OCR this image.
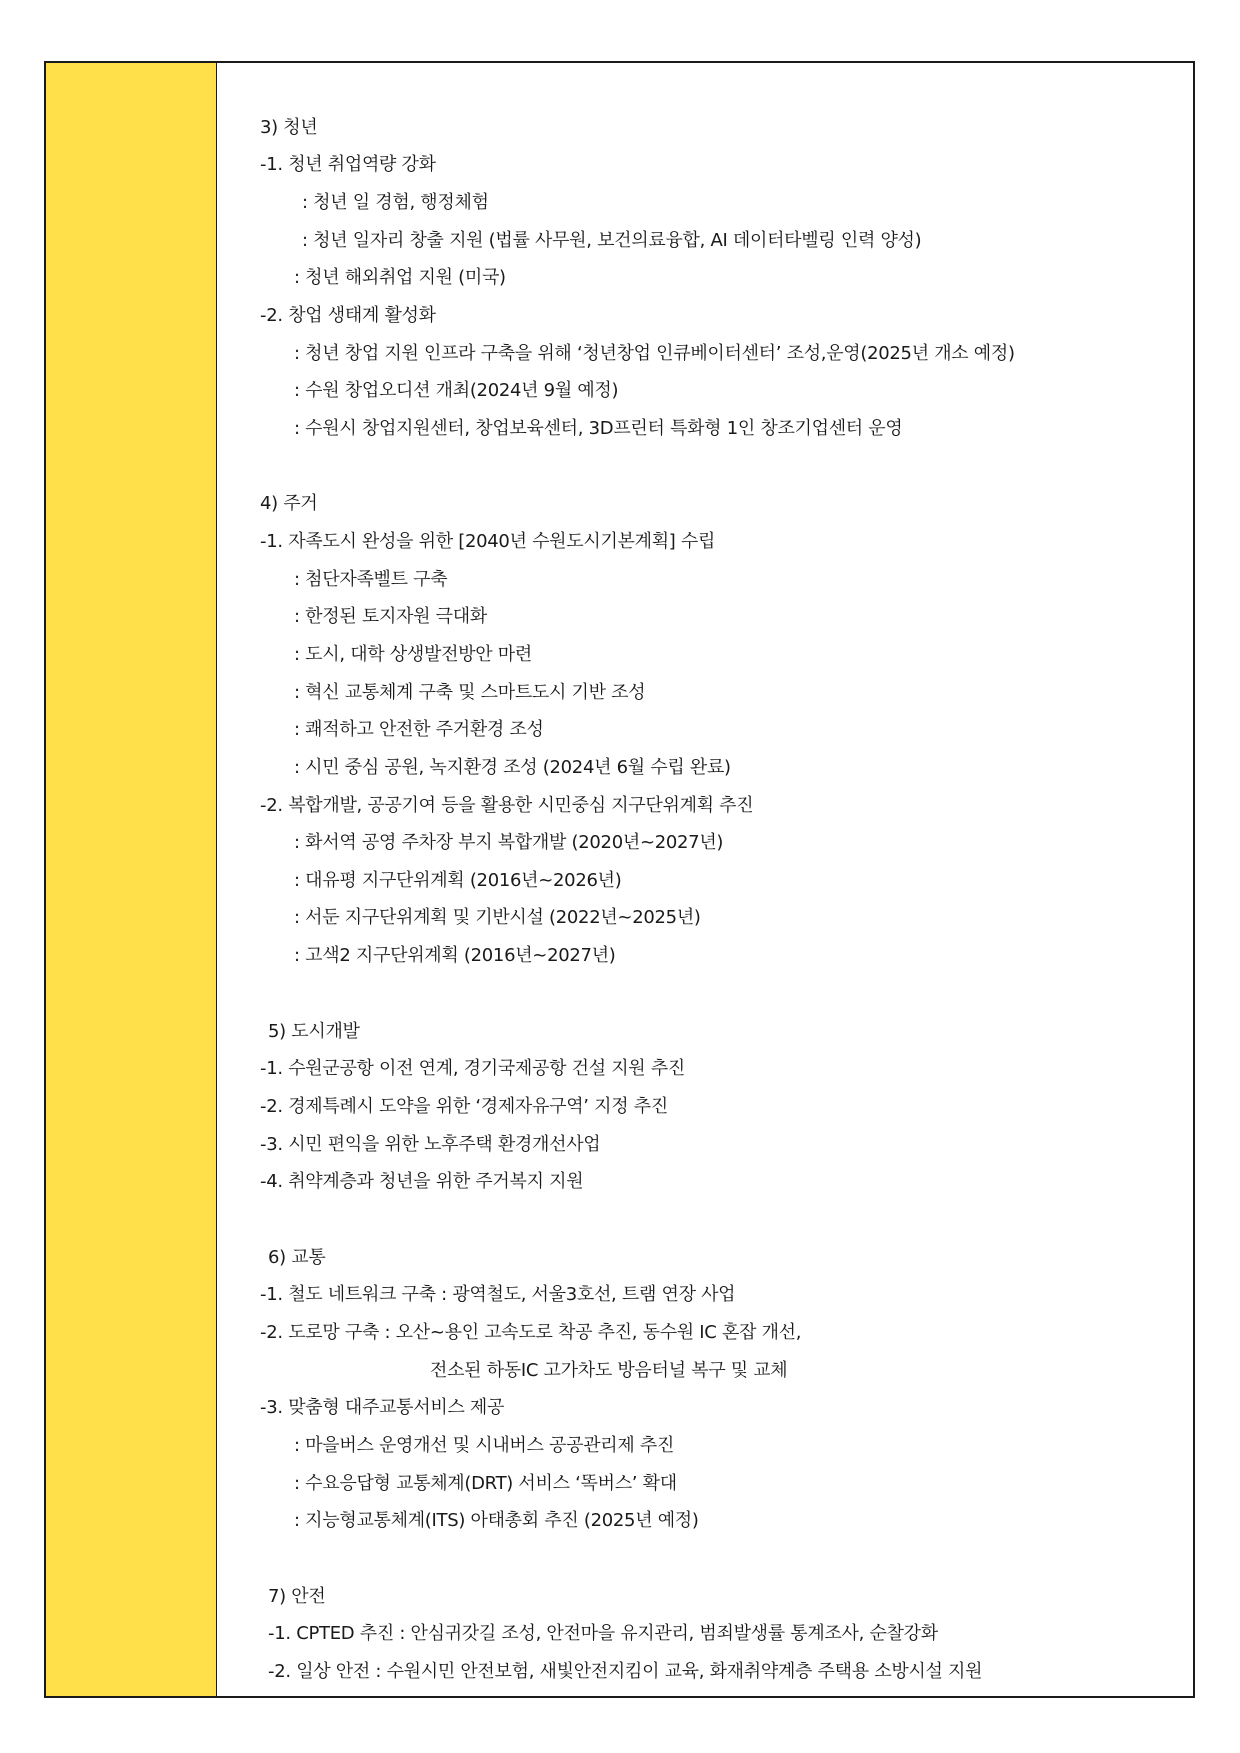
3) 청년
-1. 청년 취업역량 강화
: 청년 일 경험, 행정체험
: 청년 일자리 창출 지원 (법률 사무원, 보건의료융합, AI 데이터타벨링 인력 양성)
: 청년 해외취업 지원 (미국)
-2. 창업 생태계 활성화
: 청년 창업 지원 인프라 구축을 위해 ‘청년창업 인큐베이터센터’ 조성,운영(2025년 개소 예정)
: 수원 창업오디션 개최(2024년 9월 예정)
: 수원시 창업지원센터, 창업보육센터, 3D프린터 특화형 1인 창조기업센터 운영
4) 주거
-1. 자족도시 완성을 위한 [2040년 수원도시기본계획] 수립
: 첨단자족벨트 구축
: 한정된 토지자원 극대화
: 도시, 대학 상생발전방안 마련
: 혁신 교통체계 구축 및 스마트도시 기반 조성
: 쾌적하고 안전한 주거환경 조성
: 시민 중심 공원, 녹지환경 조성 (2024년 6월 수립 완료)
-2. 복합개발, 공공기여 등을 활용한 시민중심 지구단위계획 추진
: 화서역 공영 주차장 부지 복합개발 (2020년~2027년)
: 대유평 지구단위계획 (2016년~2026년)
: 서둔 지구단위계획 및 기반시설 (2022년~2025년)
: 고색2 지구단위계획 (2016년~2027년)
5) 도시개발
-1. 수원군공항 이전 연계, 경기국제공항 건설 지원 추진
-2. 경제특례시 도약을 위한 ‘경제자유구역’ 지정 추진
-3. 시민 편익을 위한 노후주택 환경개선사업
-4. 취약계층과 청년을 위한 주거복지 지원
6) 교통
-1. 철도 네트워크 구축 : 광역철도, 서울3호선, 트램 연장 사업
-2. 도로망 구축 : 오산~용인 고속도로 착공 추진, 동수원 IC 혼잡 개선,
전소된 하동IC 고가차도 방음터널 복구 및 교체
-3. 맞춤형 대주교통서비스 제공
: 마을버스 운영개선 및 시내버스 공공관리제 추진
: 수요응답형 교통체계(DRT) 서비스 ‘똑버스’ 확대
: 지능형교통체계(ITS) 아태총회 추진 (2025년 예정)
7) 안전
-1. CPTED 추진 : 안심귀갓길 조성, 안전마을 유지관리, 범죄발생률 통계조사, 순찰강화
-2. 일상 안전 : 수원시민 안전보험, 새빛안전지킴이 교육, 화재취약계층 주택용 소방시설 지원
